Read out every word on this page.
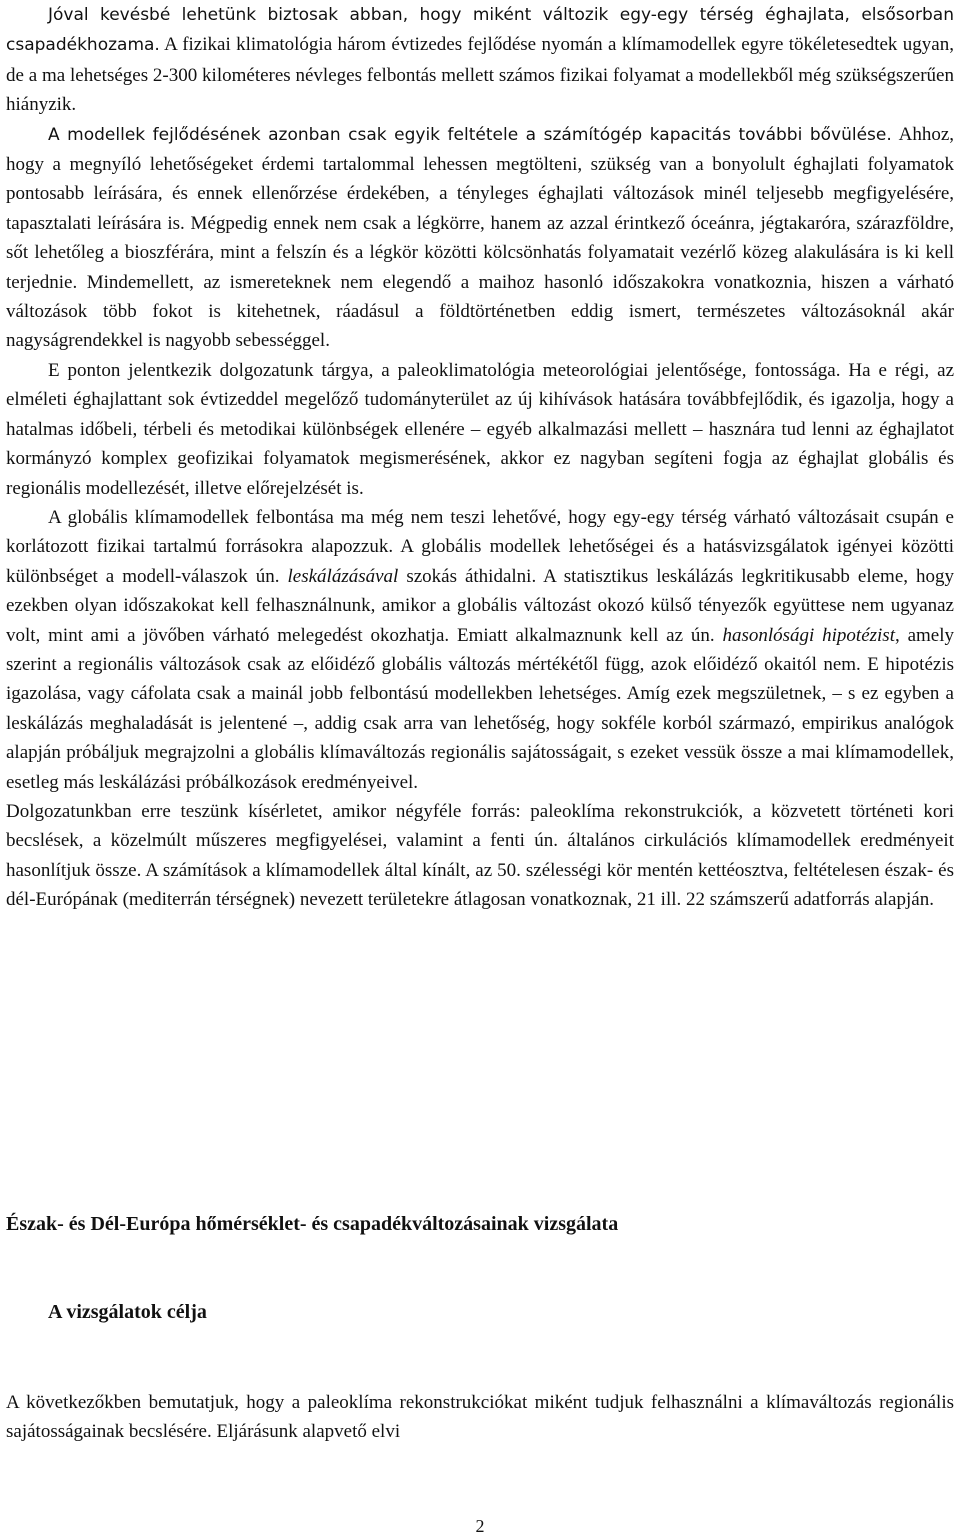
Jóval kevésbé lehetünk biztosak abban, hogy miként változik egy-egy térség éghajlata, elsősorban csapadékhozama. A fizikai klimatológia három évtizedes fejlődése nyomán a klímamodellek egyre tökéletesedtek ugyan, de a ma lehetséges 2-300 kilométeres névleges felbontás mellett számos fizikai folyamat a modellekből még szükségszerűen hiányzik.

A modellek fejlődésének azonban csak egyik feltétele a számítógép kapacitás további bővülése. Ahhoz, hogy a megnyíló lehetőségeket érdemi tartalommal lehessen megtölteni, szükség van a bonyolult éghajlati folyamatok pontosabb leírására, és ennek ellenőrzése érdekében, a tényleges éghajlati változások minél teljesebb megfigyelésére, tapasztalati leírására is. Mégpedig ennek nem csak a légkörre, hanem az azzal érintkező óceánra, jégtakaróra, szárazföldre, sőt lehetőleg a bioszférára, mint a felszín és a légkör közötti kölcsönhatás folyamatait vezérlő közeg alakulására is ki kell terjednie. Mindemellett, az ismereteknek nem elegendő a maihoz hasonló időszakokra vonatkoznia, hiszen a várható változások több fokot is kitehetnek, ráadásul a földtörténetben eddig ismert, természetes változásoknál akár nagyságrendekkel is nagyobb sebességgel.

E ponton jelentkezik dolgozatunk tárgya, a paleoklimatológia meteorológiai jelentősége, fontossága. Ha e régi, az elméleti éghajlattant sok évtizeddel megelőző tudományterület az új kihívások hatására továbbfejlődik, és igazolja, hogy a hatalmas időbeli, térbeli és metodikai különbségek ellenére – egyéb alkalmazási mellett – hasznára tud lenni az éghajlatot kormányzó komplex geofizikai folyamatok megismerésének, akkor ez nagyban segíteni fogja az éghajlat globális és regionális modellezését, illetve előrejelzését is.

A globális klímamodellek felbontása ma még nem teszi lehetővé, hogy egy-egy térség várható változásait csupán e korlátozott fizikai tartalmú forrásokra alapozzuk. A globális modellek lehetőségei és a hatásvizsgálatok igényei közötti különbséget a modell-válaszok ún. leskálázásával szokás áthidalni. A statisztikus leskálázás legkritikusabb eleme, hogy ezekben olyan időszakokat kell felhasználnunk, amikor a globális változást okozó külső tényezők együttese nem ugyanaz volt, mint ami a jövőben várható melegedést okozhatja. Emiatt alkalmaznunk kell az ún. hasonlósági hipotézist, amely szerint a regionális változások csak az előidéző globális változás mértékétől függ, azok előidéző okaitól nem. E hipotézis igazolása, vagy cáfolata csak a mainál jobb felbontású modellekben lehetséges. Amíg ezek megszületnek, – s ez egyben a leskálázás meghaladását is jelentené –, addig csak arra van lehetőség, hogy sokféle korból származó, empirikus analógok alapján próbáljuk megrajzolni a globális klímaváltozás regionális sajátosságait, s ezeket vessük össze a mai klímamodellek, esetleg más leskálázási próbálkozások eredményeivel.

Dolgozatunkban erre teszünk kísérletet, amikor négyféle forrás: paleoklíma rekonstrukciók, a közvetett történeti kori becslések, a közelmúlt műszeres megfigyelései, valamint a fenti ún. általános cirkulációs klímamodellek eredményeit hasonlítjuk össze. A számítások a klímamodellek által kínált, az 50. szélességi kör mentén kettéosztva, feltételesen észak- és dél-Európának (mediterrán térségnek) nevezett területekre átlagosan vonatkoznak, 21 ill. 22 számszerű adatforrás alapján.

Észak- és Dél-Európa hőmérséklet- és csapadékváltozásainak vizsgálata
A vizsgálatok célja

A következőkben bemutatjuk, hogy a paleoklíma rekonstrukciókat miként tudjuk felhasználni a klímaváltozás regionális sajátosságainak becslésére. Eljárásunk alapvető elvi

2
